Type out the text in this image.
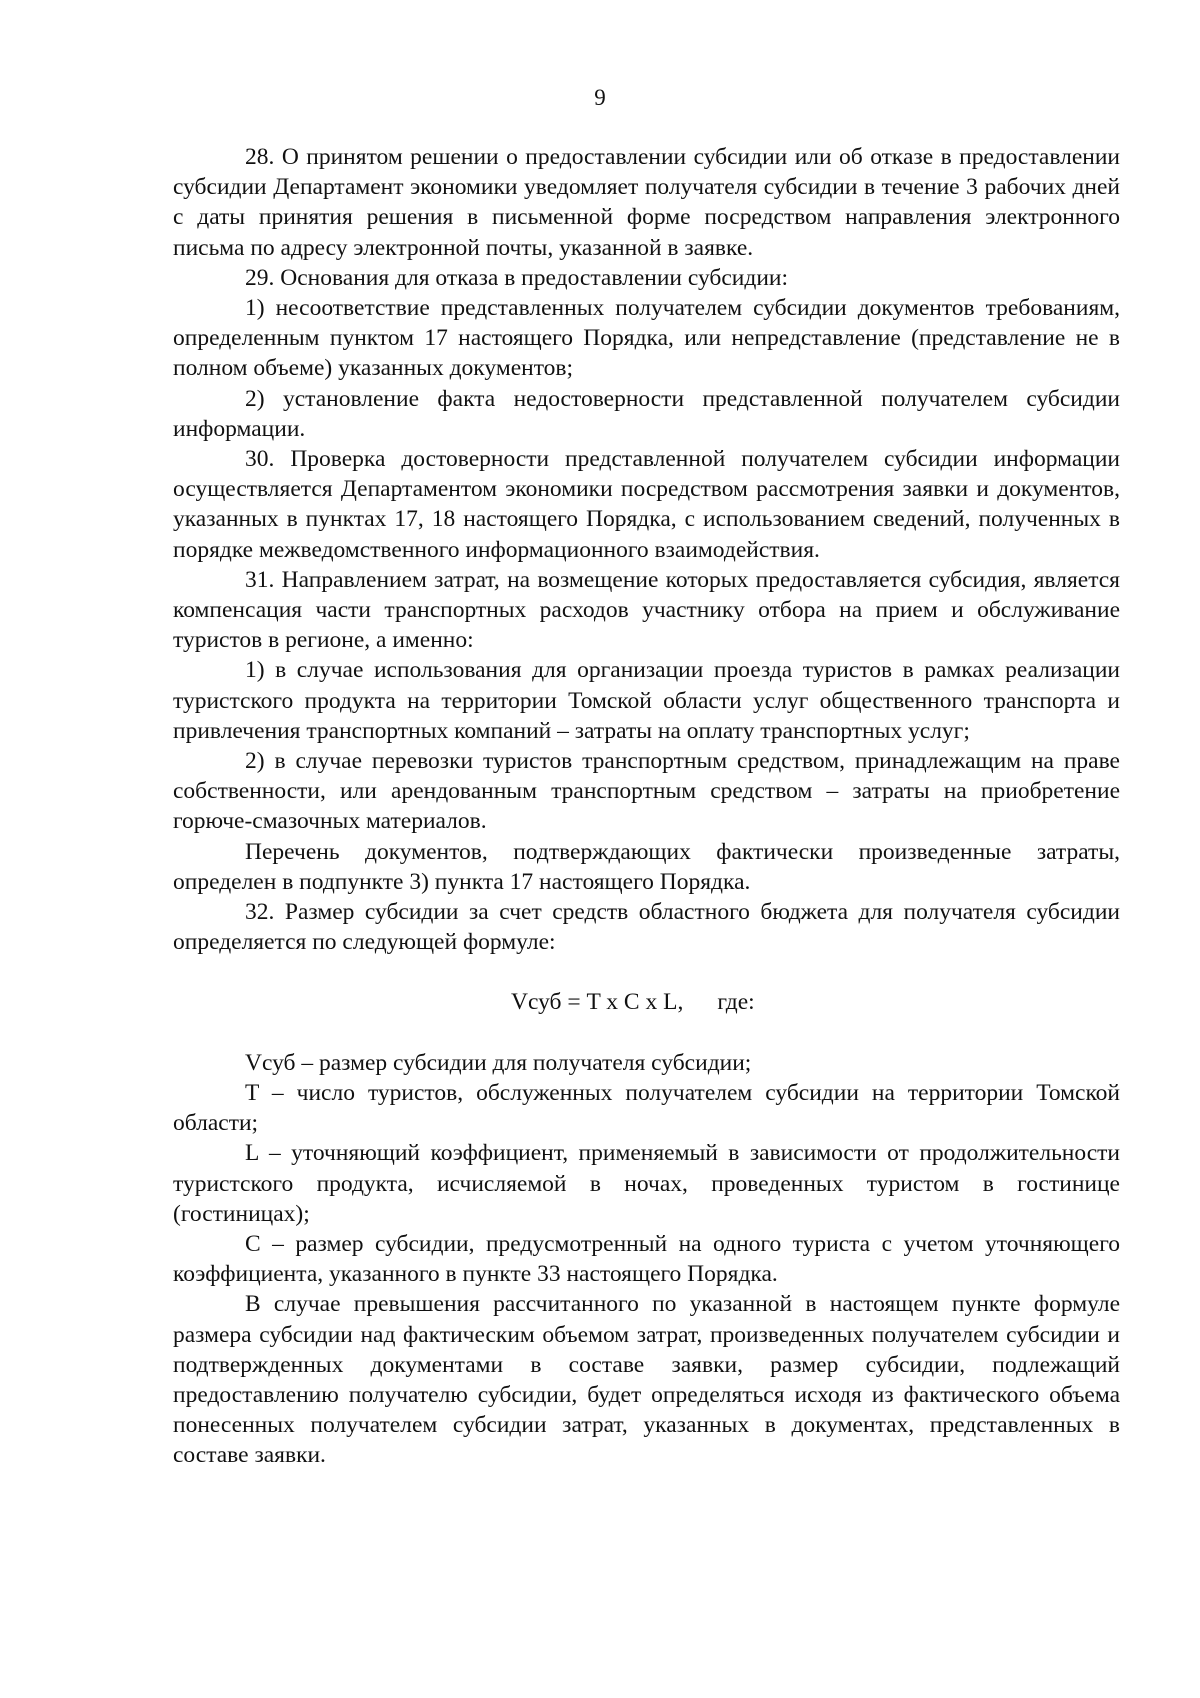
9

28. О принятом решении о предоставлении субсидии или об отказе в предоставлении субсидии Департамент экономики уведомляет получателя субсидии в течение 3 рабочих дней с даты принятия решения в письменной форме посредством направления электронного письма по адресу электронной почты, указанной в заявке.

29. Основания для отказа в предоставлении субсидии:

1) несоответствие представленных получателем субсидии документов требованиям, определенным пунктом 17 настоящего Порядка, или непредставление (представление не в полном объеме) указанных документов;

2) установление факта недостоверности представленной получателем субсидии информации.

30. Проверка достоверности представленной получателем субсидии информации осуществляется Департаментом экономики посредством рассмотрения заявки и документов, указанных в пунктах 17, 18 настоящего Порядка, с использованием сведений, полученных в порядке межведомственного информационного взаимодействия.

31. Направлением затрат, на возмещение которых предоставляется субсидия, является компенсация части транспортных расходов участнику отбора на прием и обслуживание туристов в регионе, а именно:

1) в случае использования для организации проезда туристов в рамках реализации туристского продукта на территории Томской области услуг общественного транспорта и привлечения транспортных компаний – затраты на оплату транспортных услуг;

2) в случае перевозки туристов транспортным средством, принадлежащим на праве собственности, или арендованным транспортным средством – затраты на приобретение горюче-смазочных материалов.

Перечень документов, подтверждающих фактически произведенные затраты, определен в подпункте 3) пункта 17 настоящего Порядка.

32. Размер субсидии за счет средств областного бюджета для получателя субсидии определяется по следующей формуле:

Vсуб = T x C x L, где:

Vсуб – размер субсидии для получателя субсидии;

T – число туристов, обслуженных получателем субсидии на территории Томской области;

L – уточняющий коэффициент, применяемый в зависимости от продолжительности туристского продукта, исчисляемой в ночах, проведенных туристом в гостинице (гостиницах);

C – размер субсидии, предусмотренный на одного туриста с учетом уточняющего коэффициента, указанного в пункте 33 настоящего Порядка.

В случае превышения рассчитанного по указанной в настоящем пункте формуле размера субсидии над фактическим объемом затрат, произведенных получателем субсидии и подтвержденных документами в составе заявки, размер субсидии, подлежащий предоставлению получателю субсидии, будет определяться исходя из фактического объема понесенных получателем субсидии затрат, указанных в документах, представленных в составе заявки.
